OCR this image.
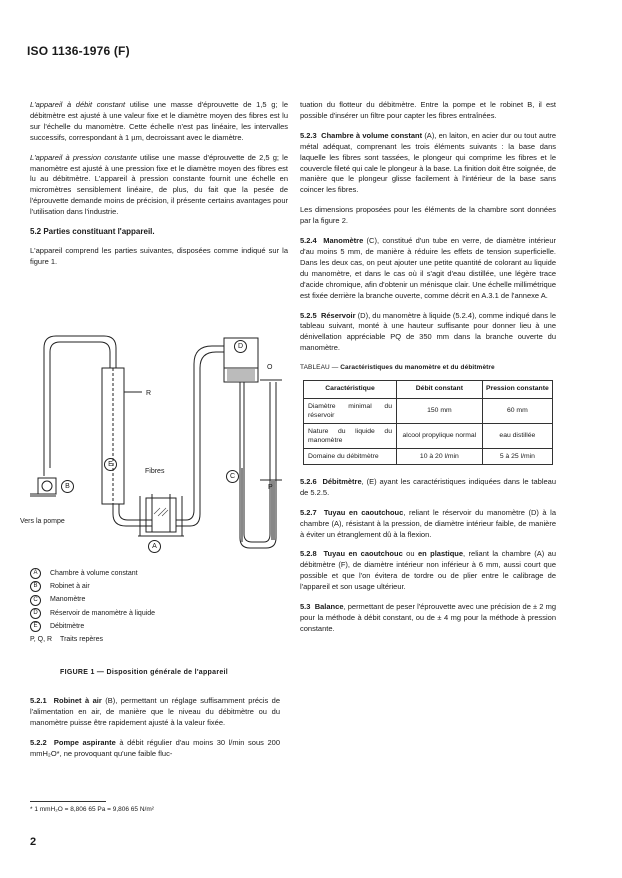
ISO 1136-1976 (F)

L'appareil à débit constant utilise une masse d'éprouvette de 1,5 g; le débitmètre est ajusté à une valeur fixe et le diamètre moyen des fibres est lu sur l'échelle du manomètre. Cette échelle n'est pas linéaire, les intervalles successifs, correspondant à 1 µm, decroissant avec le diamètre.

L'appareil à pression constante utilise une masse d'éprouvette de 2,5 g; le manomètre est ajusté à une pression fixe et le diamètre moyen des fibres est lu au débitmètre. L'appareil à pression constante fournit une échelle en micromètres sensiblement linéaire, de plus, du fait que la pesée de l'éprouvette demande moins de précision, il présente certains avantages pour l'utilisation dans l'industrie.

5.2 Parties constituant l'appareil.

L'appareil comprend les parties suivantes, disposées comme indiqué sur la figure 1.

R
E
B
A
C
D
O
P
Fibres
Vers la pompe
A	Chambre à volume constant
B	Robinet à air
C	Manomètre
D	Réservoir de manomètre à liquide
E	Débitmètre
P, Q, R Traits repères
FIGURE 1 — Disposition générale de l'appareil

5.2.1 Robinet à air (B), permettant un réglage suffisamment précis de l'alimentation en air, de manière que le niveau du débitmètre ou du manomètre puisse être rapidement ajusté à la valeur fixée.

5.2.2 Pompe aspirante à débit régulier d'au moins 30 l/min sous 200 mmH₂O*, ne provoquant qu'une faible fluc-

* 1 mmH₂O = 8,806 65 Pa = 9,806 65 N/m²
2

tuation du flotteur du débitmètre. Entre la pompe et le robinet B, il est possible d'insérer un filtre pour capter les fibres entraînées.

5.2.3 Chambre à volume constant (A), en laiton, en acier dur ou tout autre métal adéquat, comprenant les trois éléments suivants : la base dans laquelle les fibres sont tassées, le plongeur qui comprime les fibres et le couvercle fileté qui cale le plongeur à la base. La finition doit être soignée, de manière que le plongeur glisse facilement à l'intérieur de la base sans coincer les fibres.

Les dimensions proposées pour les éléments de la chambre sont données par la figure 2.

5.2.4 Manomètre (C), constitué d'un tube en verre, de diamètre intérieur d'au moins 5 mm, de manière à réduire les effets de tension superficielle. Dans les deux cas, on peut ajouter une petite quantité de colorant au liquide du manomètre, et dans le cas où il s'agit d'eau distillée, une légère trace d'acide chromique, afin d'obtenir un ménisque clair. Une échelle millimétrique est fixée derrière la branche ouverte, comme décrit en A.3.1 de l'annexe A.

5.2.5 Réservoir (D), du manomètre à liquide (5.2.4), comme indiqué dans le tableau suivant, monté à une hauteur suffisante pour donner lieu à une dénivellation appréciable PQ de 350 mm dans la branche ouverte du manomètre.

TABLEAU — Caractéristiques du manomètre et du débitmètre

Caractéristique	Débit constant	Pression constante
Diamètre minimal du réservoir	150 mm	60 mm
Nature du liquide du manomètre	alcool propylique normal	eau distillée
Domaine du débitmètre	10 à 20 l/min	5 à 25 l/min

5.2.6 Débitmètre, (E) ayant les caractéristiques indiquées dans le tableau de 5.2.5.

5.2.7 Tuyau en caoutchouc, reliant le réservoir du manomètre (D) à la chambre (A), résistant à la pression, de diamètre intérieur faible, de manière à éviter un étranglement dû à la flexion.

5.2.8 Tuyau en caoutchouc ou en plastique, reliant la chambre (A) au débitmètre (F), de diamètre intérieur non inférieur à 6 mm, aussi court que possible et que l'on évitera de tordre ou de plier entre le calibrage de l'appareil et son usage ultérieur.

5.3 Balance, permettant de peser l'éprouvette avec une précision de ± 2 mg pour la méthode à débit constant, ou de ± 4 mg pour la méthode à pression constante.
